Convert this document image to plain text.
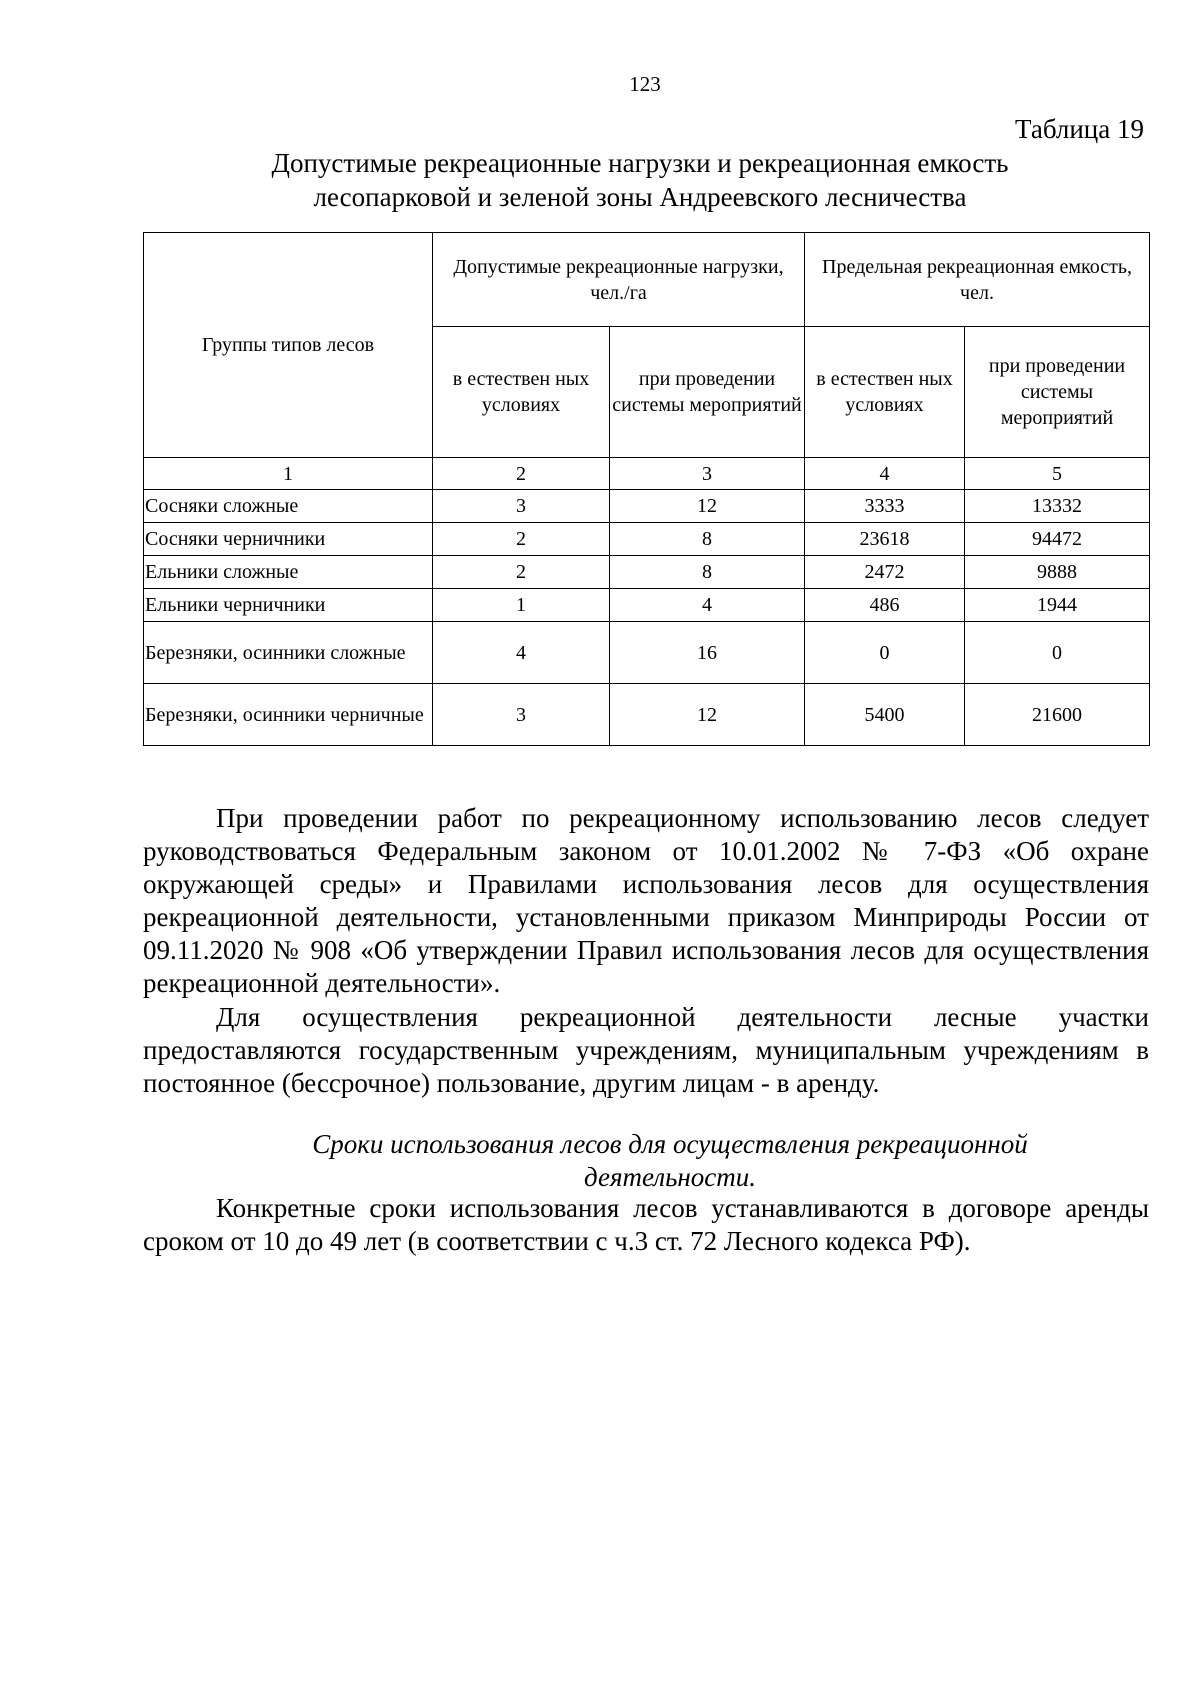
123
Таблица 19
Допустимые рекреационные нагрузки и рекреационная емкость
лесопарковой и зеленой зоны Андреевского лесничества
Группы типов лесов	Допустимые рекреационные нагрузки, чел./га		Предельная рекреационная емкость, чел.	
	в естествен ных условиях	при проведении системы мероприятий	в естествен ных условиях	при проведении системы мероприятий
1	2	3	4	5
Сосняки сложные	3	12	3333	13332
Сосняки черничники	2	8	23618	94472
Ельники сложные	2	8	2472	9888
Ельники черничники	1	4	486	1944
Березняки, осинники сложные	4	16	0	0
Березняки, осинники черничные	3	12	5400	21600

При проведении работ по рекреационному использованию лесов следует руководствоваться Федеральным законом от 10.01.2002 № 7-ФЗ «Об охране окружающей среды» и Правилами использования лесов для осуществления рекреационной деятельности, установленными приказом Минприроды России от 09.11.2020 № 908 «Об утверждении Правил использования лесов для осуществления рекреационной деятельности».

Для осуществления рекреационной деятельности лесные участки предоставляются государственным учреждениям, муниципальным учреждениям в постоянное (бессрочное) пользование, другим лицам - в аренду.

Сроки использования лесов для осуществления рекреационной деятельности.

Конкретные сроки использования лесов устанавливаются в договоре аренды сроком от 10 до 49 лет (в соответствии с ч.3 ст. 72 Лесного кодекса РФ).
